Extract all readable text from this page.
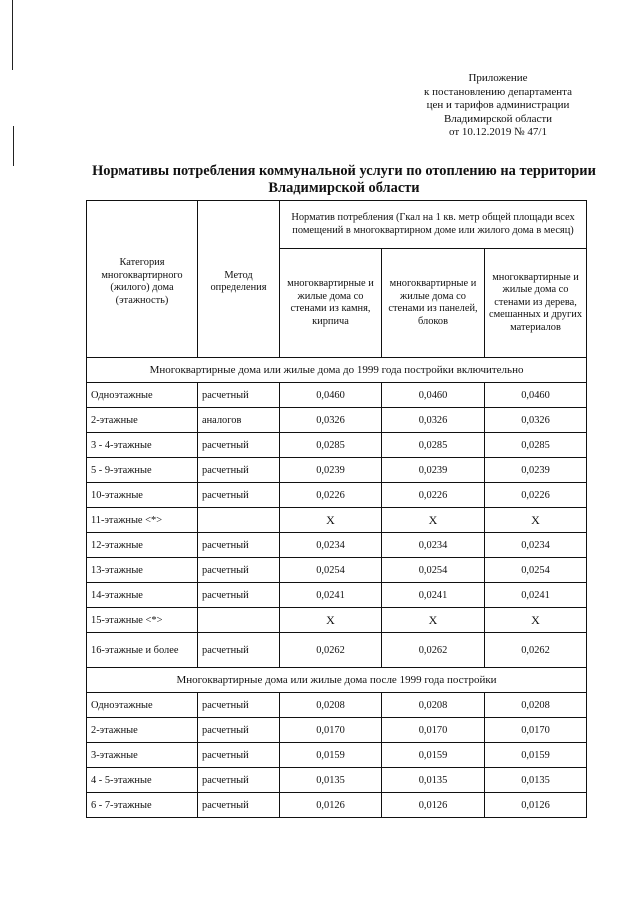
Приложение
к постановлению департамента
цен и тарифов администрации
Владимирской области
от 10.12.2019 № 47/1
Нормативы потребления коммунальной услуги по отоплению на территории
Владимирской области
Категория многоквартирного (жилого) дома (этажность)	Метод определения	Норматив потребления (Гкал на 1 кв. метр общей площади всех помещений в многоквартирном доме или жилого дома в месяц)		
		многоквартирные и жилые дома со стенами из камня, кирпича	многоквартирные и жилые дома со стенами из панелей, блоков	многоквартирные и жилые дома со стенами из дерева, смешанных и других материалов
Многоквартирные дома или жилые дома до 1999 года постройки включительно				
Одноэтажные	расчетный	0,0460	0,0460	0,0460
2-этажные	аналогов	0,0326	0,0326	0,0326
3 - 4-этажные	расчетный	0,0285	0,0285	0,0285
5 - 9-этажные	расчетный	0,0239	0,0239	0,0239
10-этажные	расчетный	0,0226	0,0226	0,0226
11-этажные <*>		X	X	X
12-этажные	расчетный	0,0234	0,0234	0,0234
13-этажные	расчетный	0,0254	0,0254	0,0254
14-этажные	расчетный	0,0241	0,0241	0,0241
15-этажные <*>		X	X	X
16-этажные и более	расчетный	0,0262	0,0262	0,0262
Многоквартирные дома или жилые дома после 1999 года постройки				
Одноэтажные	расчетный	0,0208	0,0208	0,0208
2-этажные	расчетный	0,0170	0,0170	0,0170
3-этажные	расчетный	0,0159	0,0159	0,0159
4 - 5-этажные	расчетный	0,0135	0,0135	0,0135
6 - 7-этажные	расчетный	0,0126	0,0126	0,0126
